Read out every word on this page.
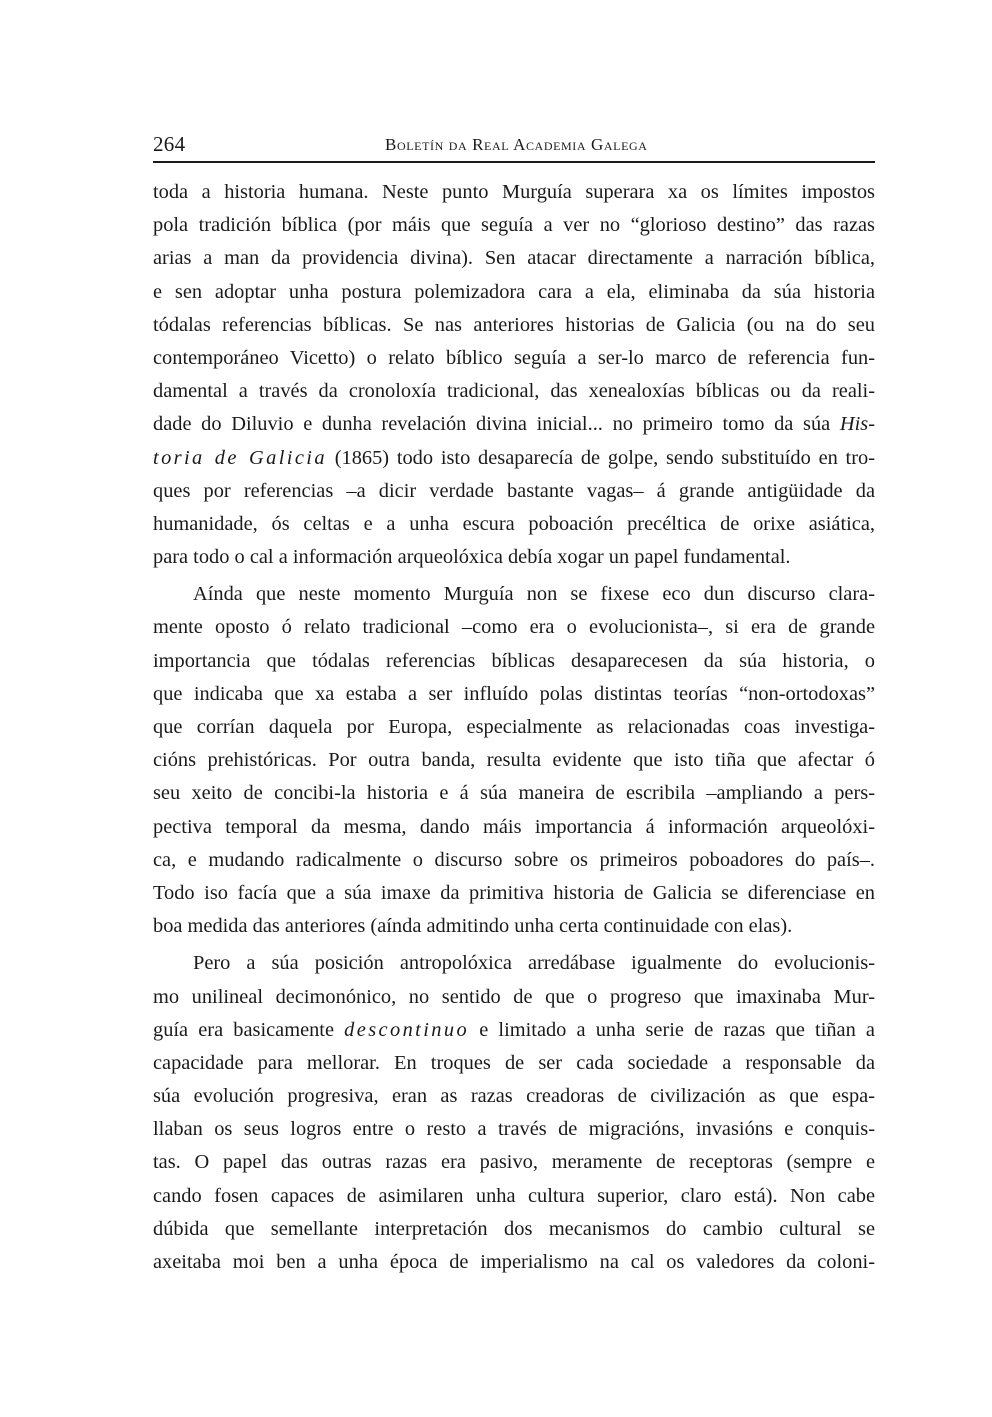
264	Boletín da Real Academia Galega
toda a historia humana. Neste punto Murguía superara xa os límites impostos
pola tradición bíblica (por máis que seguía a ver no “glorioso destino” das razas
arias a man da providencia divina). Sen atacar directamente a narración bíblica,
e sen adoptar unha postura polemizadora cara a ela, eliminaba da súa historia
tódalas referencias bíblicas. Se nas anteriores historias de Galicia (ou na do seu
contemporáneo Vicetto) o relato bíblico seguía a ser-lo marco de referencia fun-
damental a través da cronoloxía tradicional, das xenealoxías bíblicas ou da reali-
dade do Diluvio e dunha revelación divina inicial... no primeiro tomo da súa His-
toria de Galicia (1865) todo isto desaparecía de golpe, sendo substituído en tro-
ques por referencias –a dicir verdade bastante vagas– á grande antigüidade da
humanidade, ós celtas e a unha escura poboación precéltica de orixe asiática,
para todo o cal a información arqueolóxica debía xogar un papel fundamental.
Aínda que neste momento Murguía non se fixese eco dun discurso clara-
mente oposto ó relato tradicional –como era o evolucionista–, si era de grande
importancia que tódalas referencias bíblicas desaparecesen da súa historia, o
que indicaba que xa estaba a ser influído polas distintas teorías “non-ortodoxas”
que corrían daquela por Europa, especialmente as relacionadas coas investiga-
cións prehistóricas. Por outra banda, resulta evidente que isto tiña que afectar ó
seu xeito de concibi-la historia e á súa maneira de escribila –ampliando a pers-
pectiva temporal da mesma, dando máis importancia á información arqueolóxi-
ca, e mudando radicalmente o discurso sobre os primeiros poboadores do país–.
Todo iso facía que a súa imaxe da primitiva historia de Galicia se diferenciase en
boa medida das anteriores (aínda admitindo unha certa continuidade con elas).
Pero a súa posición antropolóxica arredábase igualmente do evolucionis-
mo unilineal decimonónico, no sentido de que o progreso que imaxinaba Mur-
guía era basicamente descontinuo e limitado a unha serie de razas que tiñan a
capacidade para mellorar. En troques de ser cada sociedade a responsable da
súa evolución progresiva, eran as razas creadoras de civilización as que espa-
llaban os seus logros entre o resto a través de migracións, invasións e conquis-
tas. O papel das outras razas era pasivo, meramente de receptoras (sempre e
cando fosen capaces de asimilaren unha cultura superior, claro está). Non cabe
dúbida que semellante interpretación dos mecanismos do cambio cultural se
axeitaba moi ben a unha época de imperialismo na cal os valedores da coloni-
